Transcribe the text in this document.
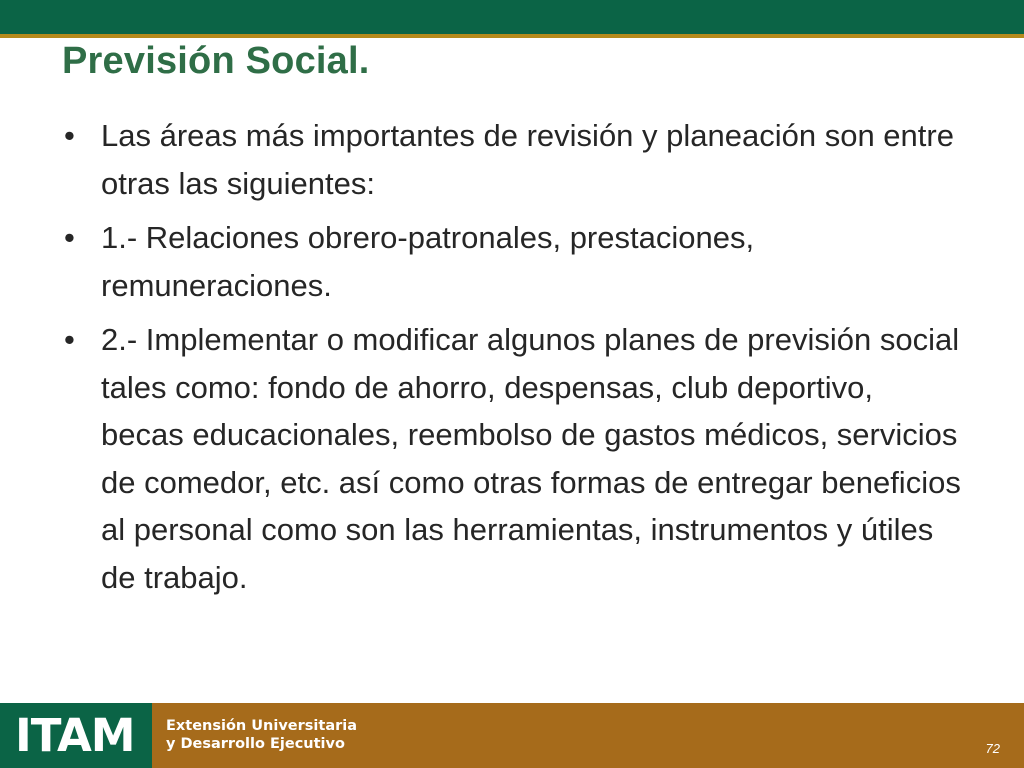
Previsión Social.
• Las áreas más importantes de revisión y planeación son entre otras las siguientes:
• 1.- Relaciones obrero-patronales, prestaciones, remuneraciones.
• 2.- Implementar o modificar algunos planes de previsión social tales como: fondo de ahorro, despensas, club deportivo, becas educacionales, reembolso de gastos médicos, servicios de comedor, etc. así como otras formas de entregar beneficios al personal como son las herramientas, instrumentos y útiles de trabajo.
ITAM Extensión Universitaria
y Desarrollo Ejecutivo	72
